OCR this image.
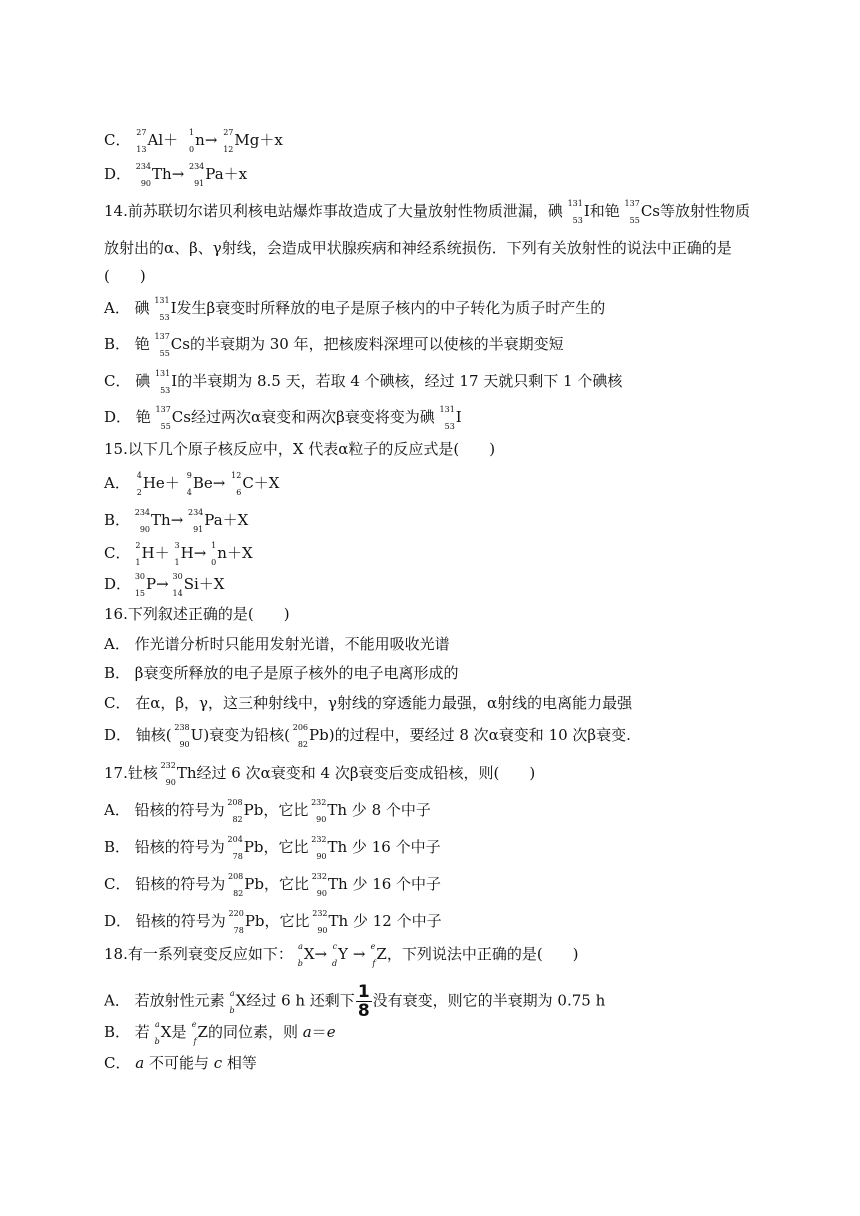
C． 27
13
Al＋ 1
0
n→ 27
12
Mg＋x
D． 234
90
Th→ 234
91
Pa＋x
14.前苏联切尔诺贝利核电站爆炸事故造成了大量放射性物质泄漏，碘 131
53
I和铯 137
55
Cs等放射性物质
放射出的α、β、γ射线，会造成甲状腺疾病和神经系统损伤．下列有关放射性的说法中正确的是
(　　)
A． 碘 131
53
I发生β衰变时所释放的电子是原子核内的中子转化为质子时产生的
B． 铯 137
55
Cs的半衰期为 30 年，把核废料深埋可以使核的半衰期变短
C． 碘 131
53
I的半衰期为 8.5 天，若取 4 个碘核，经过 17 天就只剩下 1 个碘核
D． 铯 137
55
Cs经过两次α衰变和两次β衰变将变为碘 131
53
I
15.以下几个原子核反应中，X 代表α粒子的反应式是(　　)
A． 4
2
He＋ 9
4
Be→ 12
6
C＋X
B． 234
90
Th→ 234
91
Pa＋X
C． 2
1
H＋ 3
1
H→ 1
0
n＋X
D． 30
15
P→ 30
14
Si＋X
16.下列叙述正确的是(　　)
A． 作光谱分析时只能用发射光谱，不能用吸收光谱
B． β衰变所释放的电子是原子核外的电子电离形成的
C． 在α，β，γ，这三种射线中，γ射线的穿透能力最强，α射线的电离能力最强
D． 铀核( 238
90
U)衰变为铅核( 206
82
Pb)的过程中，要经过 8 次α衰变和 10 次β衰变.
17.钍核 232
90
Th经过 6 次α衰变和 4 次β衰变后变成铅核，则(　　)
A． 铅核的符号为 208
82
Pb，它比 232
90
Th 少 8 个中子
B． 铅核的符号为 204
78
Pb，它比 232
90
Th 少 16 个中子
C． 铅核的符号为 208
82
Pb，它比 232
90
Th 少 16 个中子
D． 铅核的符号为 220
78
Pb，它比 232
90
Th 少 12 个中子
18.有一系列衰变反应如下： a
b
X→ c
d
Y → e
f
Z，下列说法中正确的是(　　)
A． 若放射性元素 a
b
X经过 6 h 还剩下 $\frac{1}{8}$ 没有衰变，则它的半衰期为 0.75 h
B． 若 a
b
X是 e
f
Z的同位素，则 a＝e
C． a 不可能与 c 相等
